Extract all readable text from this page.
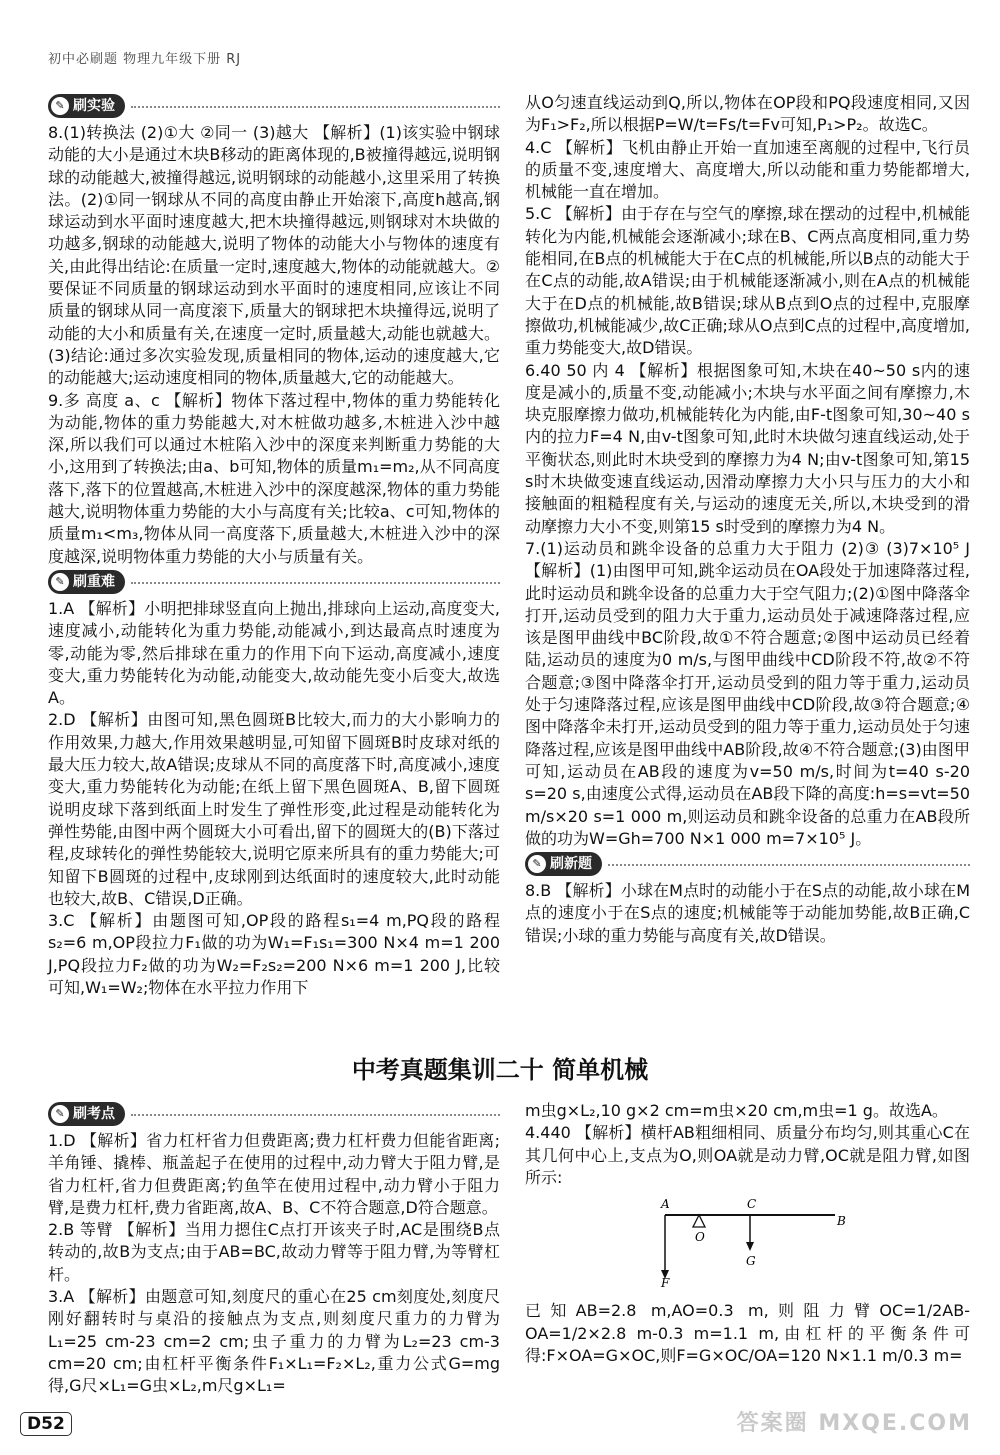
初中必刷题 物理九年级下册 RJ
✎ 刷实验

8.(1)转换法 (2)①大 ②同一 (3)越大 【解析】(1)该实验中钢球动能的大小是通过木块B移动的距离体现的,B被撞得越远,说明钢球的动能越大,被撞得越远,说明钢球的动能越小,这里采用了转换法。(2)①同一钢球从不同的高度由静止开始滚下,高度h越高,钢球运动到水平面时速度越大,把木块撞得越远,则钢球对木块做的功越多,钢球的动能越大,说明了物体的动能大小与物体的速度有关,由此得出结论:在质量一定时,速度越大,物体的动能就越大。②要保证不同质量的钢球运动到水平面时的速度相同,应该让不同质量的钢球从同一高度滚下,质量大的钢球把木块撞得远,说明了动能的大小和质量有关,在速度一定时,质量越大,动能也就越大。(3)结论:通过多次实验发现,质量相同的物体,运动的速度越大,它的动能越大;运动速度相同的物体,质量越大,它的动能越大。

9.多 高度 a、c 【解析】物体下落过程中,物体的重力势能转化为动能,物体的重力势能越大,对木桩做功越多,木桩进入沙中越深,所以我们可以通过木桩陷入沙中的深度来判断重力势能的大小,这用到了转换法;由a、b可知,物体的质量m₁=m₂,从不同高度落下,落下的位置越高,木桩进入沙中的深度越深,物体的重力势能越大,说明物体重力势能的大小与高度有关;比较a、c可知,物体的质量m₁<m₃,物体从同一高度落下,质量越大,木桩进入沙中的深度越深,说明物体重力势能的大小与质量有关。

✎ 刷重难

1.A 【解析】小明把排球竖直向上抛出,排球向上运动,高度变大,速度减小,动能转化为重力势能,动能减小,到达最高点时速度为零,动能为零,然后排球在重力的作用下向下运动,高度减小,速度变大,重力势能转化为动能,动能变大,故动能先变小后变大,故选A。

2.D 【解析】由图可知,黑色圆斑B比较大,而力的大小影响力的作用效果,力越大,作用效果越明显,可知留下圆斑B时皮球对纸的最大压力较大,故A错误;皮球从不同的高度落下时,高度减小,速度变大,重力势能转化为动能;在纸上留下黑色圆斑A、B,留下圆斑说明皮球下落到纸面上时发生了弹性形变,此过程是动能转化为弹性势能,由图中两个圆斑大小可看出,留下的圆斑大的(B)下落过程,皮球转化的弹性势能较大,说明它原来所具有的重力势能大;可知留下B圆斑的过程中,皮球刚到达纸面时的速度较大,此时动能也较大,故B、C错误,D正确。

3.C 【解析】由题图可知,OP段的路程s₁=4 m,PQ段的路程s₂=6 m,OP段拉力F₁做的功为W₁=F₁s₁=300 N×4 m=1 200 J,PQ段拉力F₂做的功为W₂=F₂s₂=200 N×6 m=1 200 J,比较可知,W₁=W₂;物体在水平拉力作用下

从O匀速直线运动到Q,所以,物体在OP段和PQ段速度相同,又因为F₁>F₂,所以根据P=W/t=Fs/t=Fv可知,P₁>P₂。故选C。

4.C 【解析】飞机由静止开始一直加速至离舰的过程中,飞行员的质量不变,速度增大、高度增大,所以动能和重力势能都增大,机械能一直在增加。

5.C 【解析】由于存在与空气的摩擦,球在摆动的过程中,机械能转化为内能,机械能会逐渐减小;球在B、C两点高度相同,重力势能相同,在B点的机械能大于在C点的机械能,所以B点的动能大于在C点的动能,故A错误;由于机械能逐渐减小,则在A点的机械能大于在D点的机械能,故B错误;球从B点到O点的过程中,克服摩擦做功,机械能减少,故C正确;球从O点到C点的过程中,高度增加,重力势能变大,故D错误。

6.40 50 内 4 【解析】根据图象可知,木块在40~50 s内的速度是减小的,质量不变,动能减小;木块与水平面之间有摩擦力,木块克服摩擦力做功,机械能转化为内能,由F-t图象可知,30~40 s内的拉力F=4 N,由v-t图象可知,此时木块做匀速直线运动,处于平衡状态,则此时木块受到的摩擦力为4 N;由v-t图象可知,第15 s时木块做变速直线运动,因滑动摩擦力大小只与压力的大小和接触面的粗糙程度有关,与运动的速度无关,所以,木块受到的滑动摩擦力大小不变,则第15 s时受到的摩擦力为4 N。

7.(1)运动员和跳伞设备的总重力大于阻力 (2)③ (3)7×10⁵ J 【解析】(1)由图甲可知,跳伞运动员在OA段处于加速降落过程,此时运动员和跳伞设备的总重力大于空气阻力;(2)①图中降落伞打开,运动员受到的阻力大于重力,运动员处于减速降落过程,应该是图甲曲线中BC阶段,故①不符合题意;②图中运动员已经着陆,运动员的速度为0 m/s,与图甲曲线中CD阶段不符,故②不符合题意;③图中降落伞打开,运动员受到的阻力等于重力,运动员处于匀速降落过程,应该是图甲曲线中CD阶段,故③符合题意;④图中降落伞未打开,运动员受到的阻力等于重力,运动员处于匀速降落过程,应该是图甲曲线中AB阶段,故④不符合题意;(3)由图甲可知,运动员在AB段的速度为v=50 m/s,时间为t=40 s-20 s=20 s,由速度公式得,运动员在AB段下降的高度:h=s=vt=50 m/s×20 s=1 000 m,则运动员和跳伞设备的总重力在AB段所做的功为W=Gh=700 N×1 000 m=7×10⁵ J。

✎ 刷新题

8.B 【解析】小球在M点时的动能小于在S点的动能,故小球在M点的速度小于在S点的速度;机械能等于动能加势能,故B正确,C错误;小球的重力势能与高度有关,故D错误。

中考真题集训二十 简单机械
✎ 刷考点

1.D 【解析】省力杠杆省力但费距离;费力杠杆费力但能省距离;羊角锤、撬棒、瓶盖起子在使用的过程中,动力臂大于阻力臂,是省力杠杆,省力但费距离;钓鱼竿在使用过程中,动力臂小于阻力臂,是费力杠杆,费力省距离,故A、B、C不符合题意,D符合题意。

2.B 等臂 【解析】当用力摁住C点打开该夹子时,AC是围绕B点转动的,故B为支点;由于AB=BC,故动力臂等于阻力臂,为等臂杠杆。

3.A 【解析】由题意可知,刻度尺的重心在25 cm刻度处,刻度尺刚好翻转时与桌沿的接触点为支点,则刻度尺重力的力臂为L₁=25 cm-23 cm=2 cm;虫子重力的力臂为L₂=23 cm-3 cm=20 cm;由杠杆平衡条件F₁×L₁=F₂×L₂,重力公式G=mg得,G尺×L₁=G虫×L₂,m尺g×L₁=

m虫g×L₂,10 g×2 cm=m虫×20 cm,m虫=1 g。故选A。

4.440 【解析】横杆AB粗细相同、质量分布均匀,则其重心C在其几何中心上,支点为O,则OA就是动力臂,OC就是阻力臂,如图所示:

A	C
B
O
G
F

已知AB=2.8 m,AO=0.3 m,则阻力臂OC=1/2AB-OA=1/2×2.8 m-0.3 m=1.1 m,由杠杆的平衡条件可得:F×OA=G×OC,则F=G×OC/OA=120 N×1.1 m/0.3 m=

D52	答案圈 MXQE.COM
